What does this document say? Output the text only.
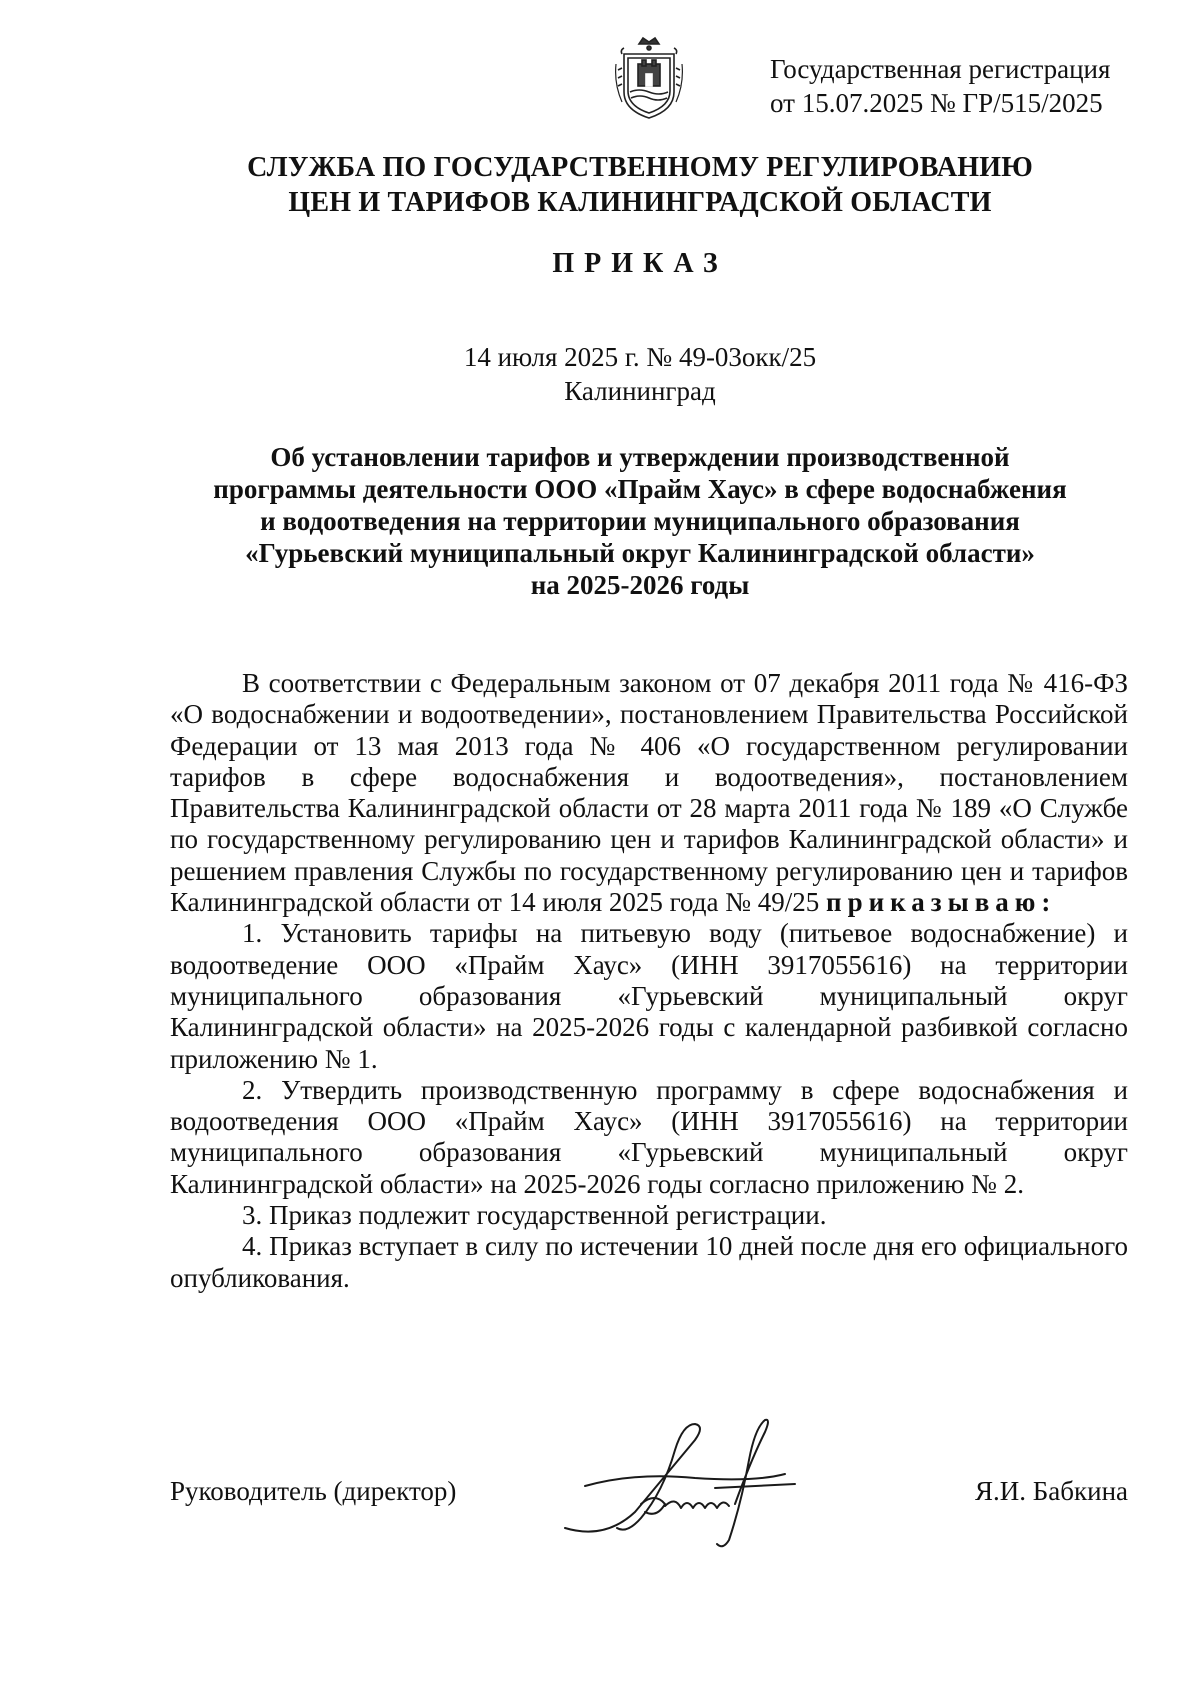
Государственная регистрация
от 15.07.2025 № ГР/515/2025
СЛУЖБА ПО ГОСУДАРСТВЕННОМУ РЕГУЛИРОВАНИЮ
ЦЕН И ТАРИФОВ КАЛИНИНГРАДСКОЙ ОБЛАСТИ
ПРИКАЗ
14 июля 2025 г. № 49-03окк/25
Калининград
Об установлении тарифов и утверждении производственной
программы деятельности ООО «Прайм Хаус» в сфере водоснабжения
и водоотведения на территории муниципального образования
«Гурьевский муниципальный округ Калининградской области»
на 2025-2026 годы

В соответствии с Федеральным законом от 07 декабря 2011 года № 416-ФЗ «О водоснабжении и водоотведении», постановлением Правительства Российской Федерации от 13 мая 2013 года № 406 «О государственном регулировании тарифов в сфере водоснабжения и водоотведения», постановлением Правительства Калининградской области от 28 марта 2011 года № 189 «О Службе по государственному регулированию цен и тарифов Калининградской области» и решением правления Службы по государственному регулированию цен и тарифов Калининградской области от 14 июля 2025 года № 49/25 приказываю:

1. Установить тарифы на питьевую воду (питьевое водоснабжение) и водоотведение ООО «Прайм Хаус» (ИНН 3917055616) на территории муниципального образования «Гурьевский муниципальный округ Калининградской области» на 2025-2026 годы с календарной разбивкой согласно приложению № 1.

2. Утвердить производственную программу в сфере водоснабжения и водоотведения ООО «Прайм Хаус» (ИНН 3917055616) на территории муниципального образования «Гурьевский муниципальный округ Калининградской области» на 2025-2026 годы согласно приложению № 2.

3. Приказ подлежит государственной регистрации.

4. Приказ вступает в силу по истечении 10 дней после дня его официального опубликования.

Руководитель (директор)	Я.И. Бабкина
